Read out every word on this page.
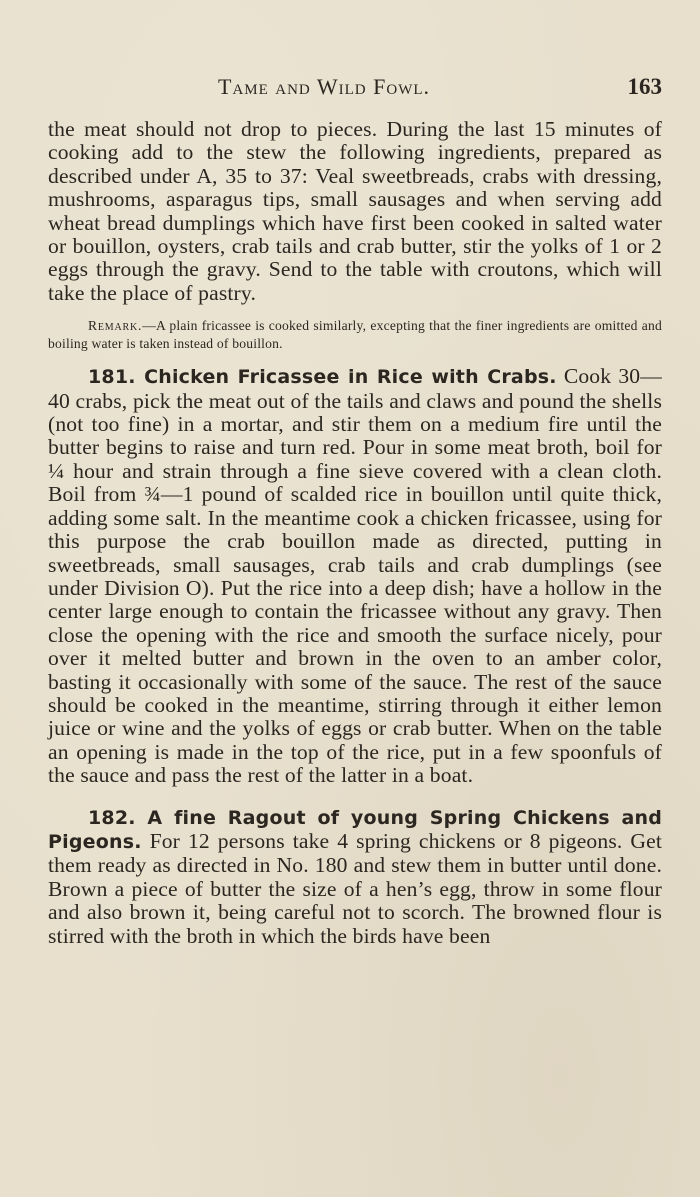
Tame and Wild Fowl.	163

the meat should not drop to pieces. During the last 15 minutes of cooking add to the stew the following ingredients, prepared as described under A, 35 to 37: Veal sweetbreads, crabs with dressing, mushrooms, asparagus tips, small sausages and when serving add wheat bread dumplings which have first been cooked in salted water or bouillon, oysters, crab tails and crab butter, stir the yolks of 1 or 2 eggs through the gravy. Send to the table with croutons, which will take the place of pastry.

Remark.—A plain fricassee is cooked similarly, excepting that the finer ingredients are omitted and boiling water is taken instead of bouillon.

181. Chicken Fricassee in Rice with Crabs. Cook 30—40 crabs, pick the meat out of the tails and claws and pound the shells (not too fine) in a mortar, and stir them on a medium fire until the butter begins to raise and turn red. Pour in some meat broth, boil for ¼ hour and strain through a fine sieve covered with a clean cloth. Boil from ¾—1 pound of scalded rice in bouillon until quite thick, adding some salt. In the meantime cook a chicken fricassee, using for this purpose the crab bouillon made as directed, putting in sweetbreads, small sausages, crab tails and crab dumplings (see under Division O). Put the rice into a deep dish; have a hollow in the center large enough to contain the fricassee without any gravy. Then close the opening with the rice and smooth the surface nicely, pour over it melted butter and brown in the oven to an amber color, basting it occasionally with some of the sauce. The rest of the sauce should be cooked in the meantime, stirring through it either lemon juice or wine and the yolks of eggs or crab butter. When on the table an opening is made in the top of the rice, put in a few spoonfuls of the sauce and pass the rest of the latter in a boat.

182. A fine Ragout of young Spring Chickens and Pigeons. For 12 persons take 4 spring chickens or 8 pigeons. Get them ready as directed in No. 180 and stew them in butter until done. Brown a piece of butter the size of a hen’s egg, throw in some flour and also brown it, being careful not to scorch. The browned flour is stirred with the broth in which the birds have been
